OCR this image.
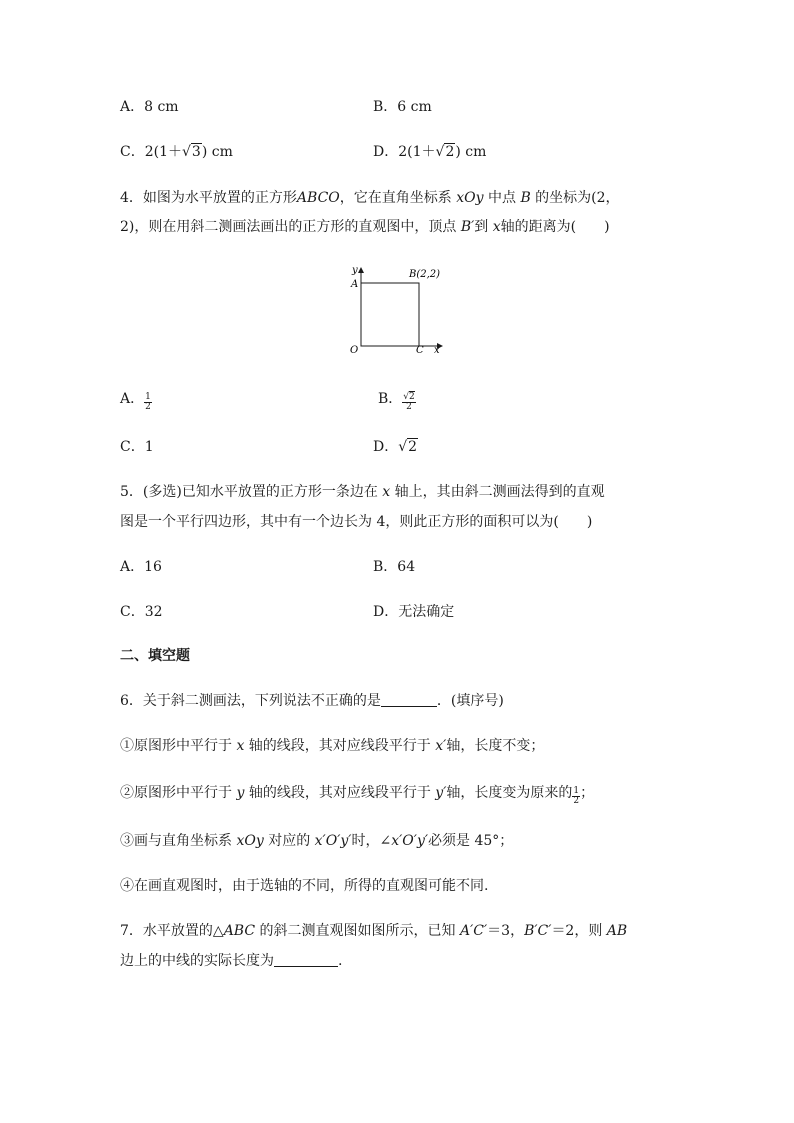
A．8 cm	B．6 cm
C．2(1＋√3) cm	D．2(1＋√2) cm
4．如图为水平放置的正方形ABCO，它在直角坐标系 xOy 中点 B 的坐标为(2，
2)，则在用斜二测画法画出的正方形的直观图中，顶点 B′到 x轴的距离为(　　)
y
A
B(2,2)
O	C x
A． $\frac{1}{2}$	B． $\frac{√2}{2}$
C．1	D．√2
5．(多选)已知水平放置的正方形一条边在 x 轴上，其由斜二测画法得到的直观
图是一个平行四边形，其中有一个边长为 4，则此正方形的面积可以为(　　)
A．16	B．64
C．32	D．无法确定
二、填空题
6．关于斜二测画法，下列说法不正确的是	．(填序号)
①原图形中平行于 x 轴的线段，其对应线段平行于 x′轴，长度不变；
②原图形中平行于 y 轴的线段，其对应线段平行于 y′轴，长度变为原来的 $\frac{1}{2}$ ；
③画与直角坐标系 xOy 对应的 x′O′y′时，∠x′O′y′必须是 45°；
④在画直观图时，由于选轴的不同，所得的直观图可能不同.
7．水平放置的△ABC 的斜二测直观图如图所示，已知 A′C′＝3，B′C′＝2，则 AB
边上的中线的实际长度为	.
